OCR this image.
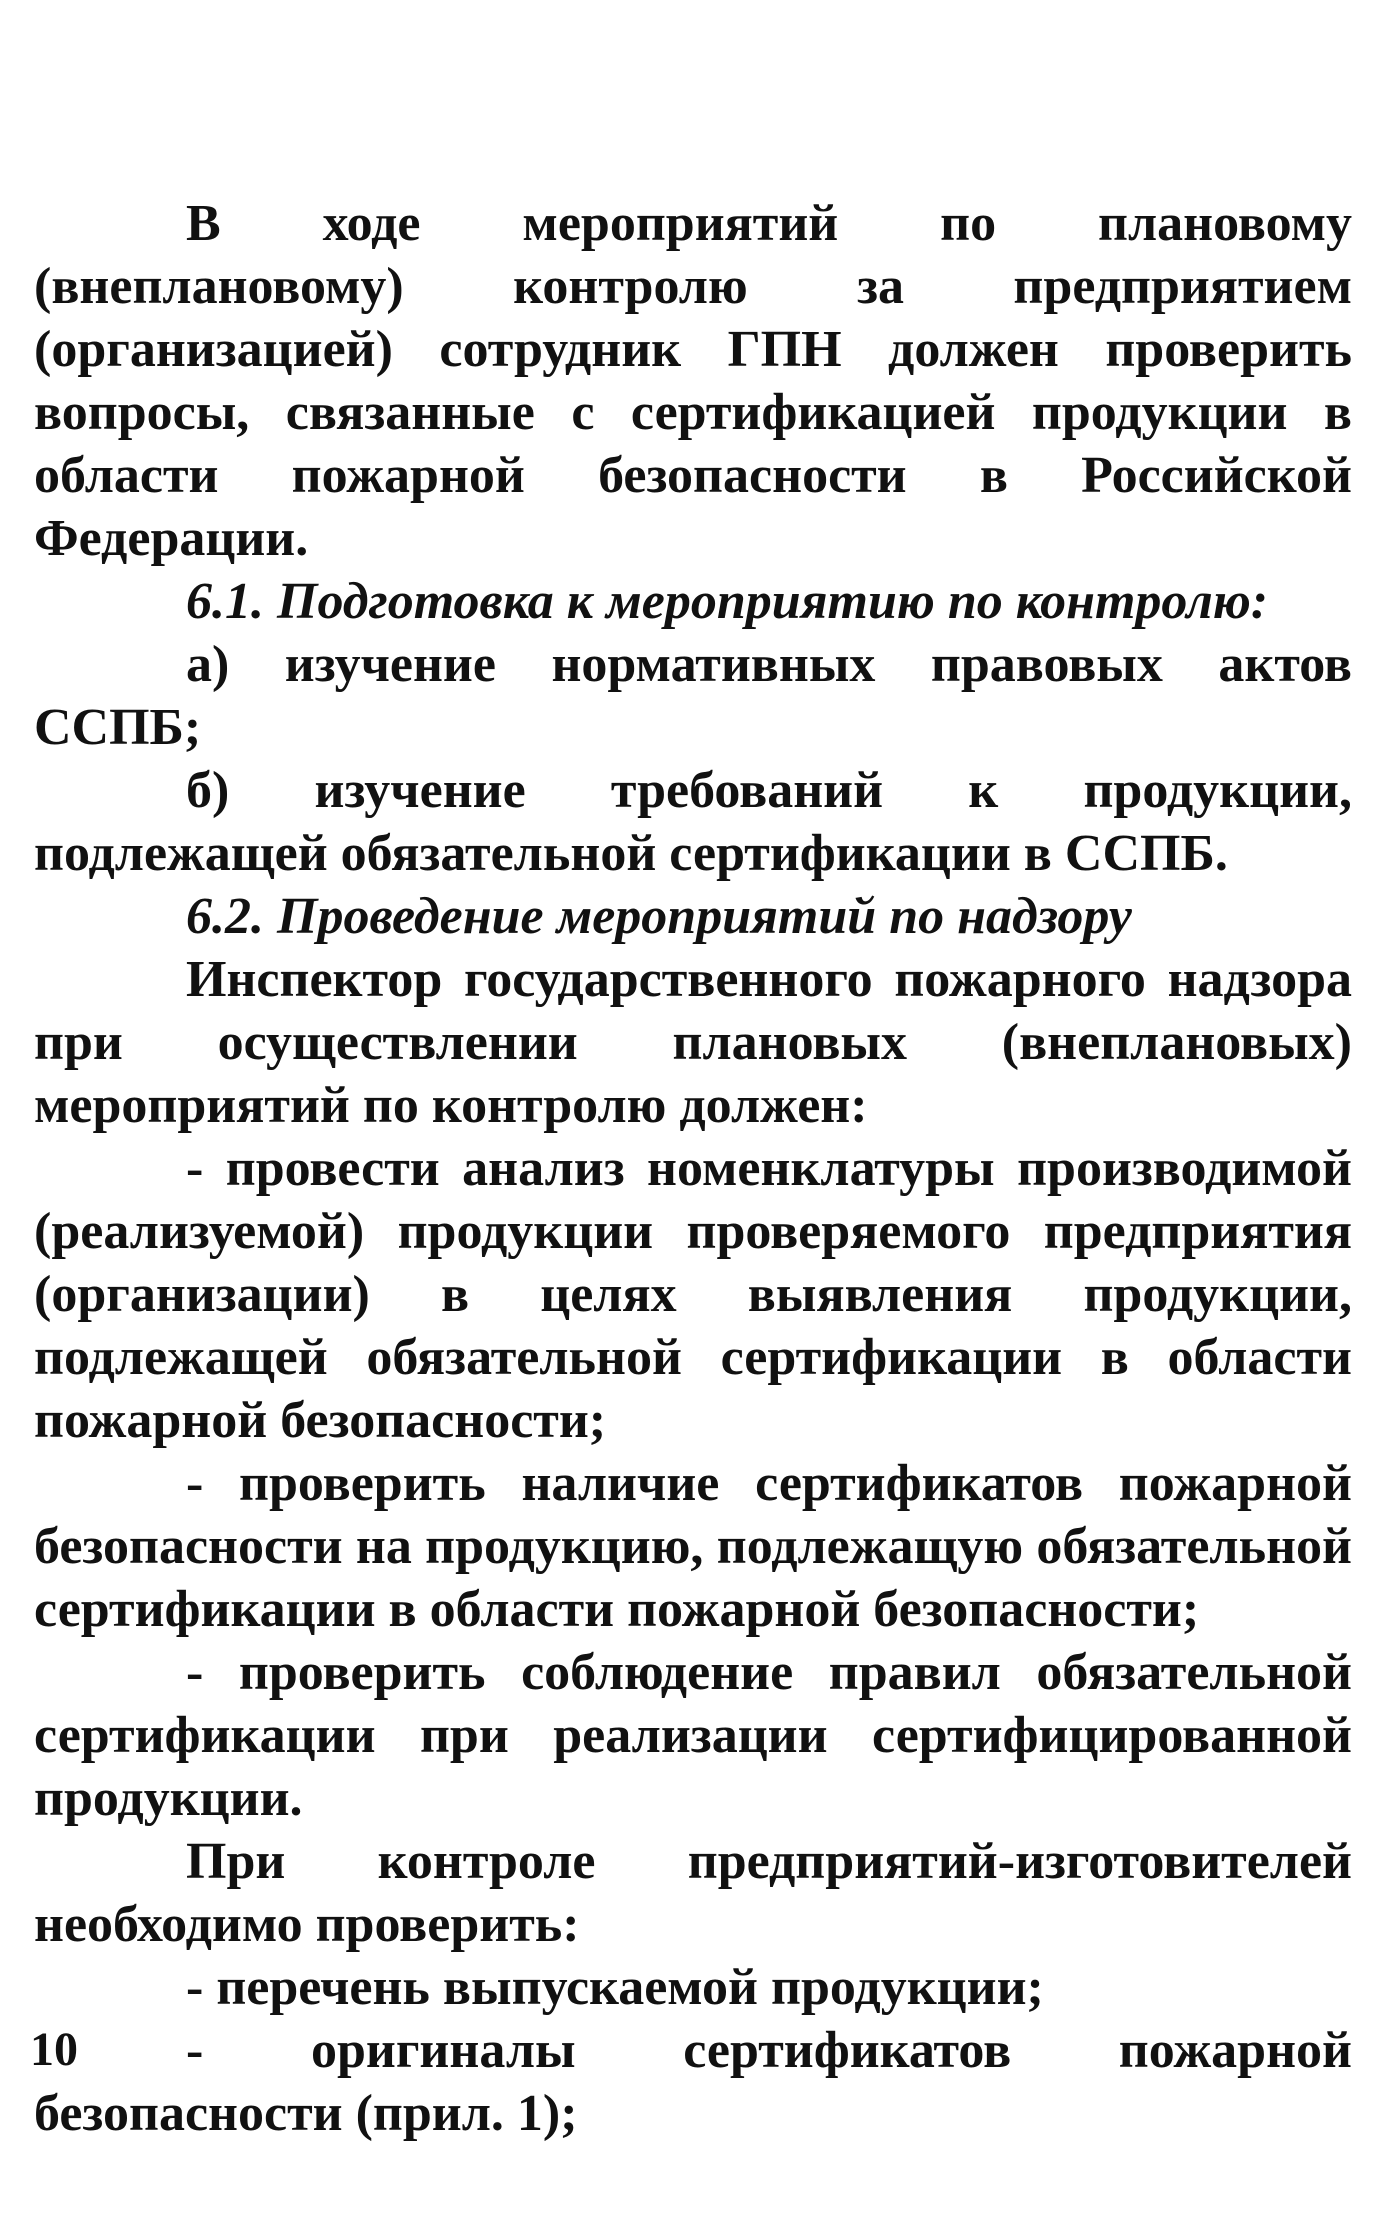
В ходе мероприятий по плановому (внеплановому) контролю за предприятием (организацией) сотрудник ГПН должен проверить вопросы, связанные с сертификацией продукции в области пожарной безопасности в Российской Федерации.

6.1. Подготовка к мероприятию по контролю:

а) изучение нормативных правовых актов ССПБ;

б) изучение требований к продукции, подлежащей обязательной сертификации в ССПБ.

6.2. Проведение мероприятий по надзору

Инспектор государственного пожарного надзора при осуществлении плановых (внеплановых) мероприятий по контролю должен:

- провести анализ номенклатуры производимой (реализуемой) продукции проверяемого предприятия (организации) в целях выявления продукции, подлежащей обязательной сертификации в области пожарной безопасности;

- проверить наличие сертификатов пожарной безопасности на продукцию, подлежащую обязательной сертификации в области пожарной безопасности;

- проверить соблюдение правил обязательной сертификации при реализации сертифицированной продукции.

При контроле предприятий-изготовителей необходимо проверить:

- перечень выпускаемой продукции;

- оригиналы сертификатов пожарной безопасности (прил. 1);

10
